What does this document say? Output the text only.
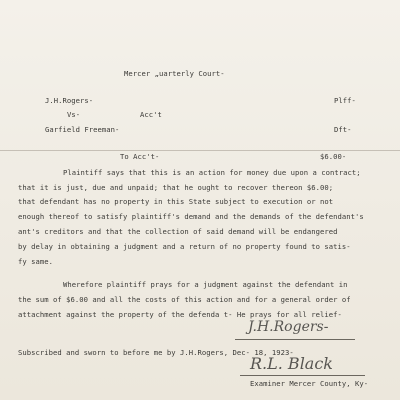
Mercer „uarterly Court-
J.H.Rogers-	Plff-
Vs-	Acc't
Garfield Freeman-	Dft-
To Acc't-	$6.00-
Plaintiff says that this is an action for money due upon a contract;
that it is just, due and unpaid; that he ought to recover thereon $6.00;
that defendant has no property in this State subject to execution or not
enough thereof to satisfy plaintiff's demand and the demands of the defendant's
ant's creditors and that the collection of said demand will be endangered
by delay in obtaining a judgment and a return of no property found to satis-
fy same.
Wherefore plaintiff prays for a judgment against the defendant in
the sum of $6.00 and all the costs of this action and for a general order of
attachment against the property of the defenda t- He prays for all relief-
J.H.Rogers-
Subscribed and sworn to before me by J.H.Rogers, Dec- 18, 1923-
R.L. Black
Examiner Mercer County, Ky-
